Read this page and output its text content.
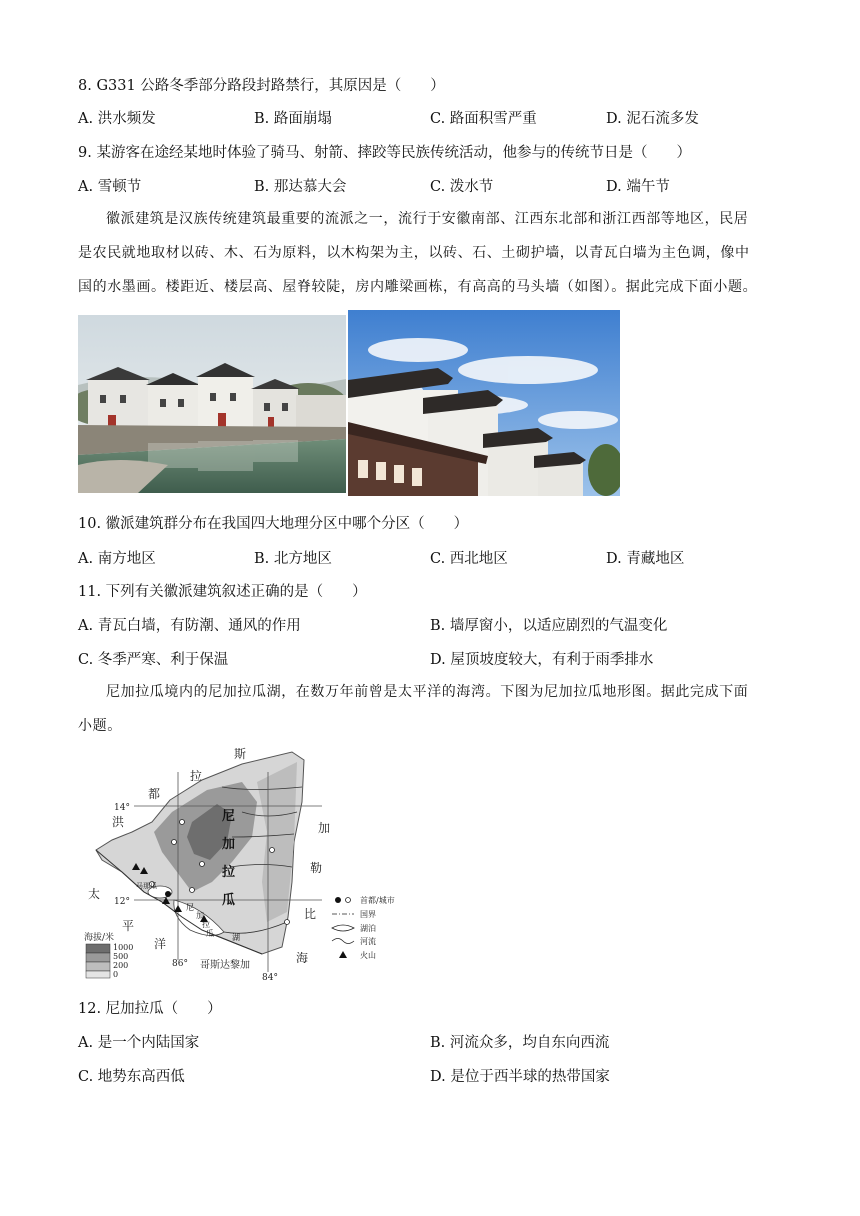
8. G331 公路冬季部分路段封路禁行，其原因是（　　）
A. 洪水频发	B. 路面崩塌	C. 路面积雪严重	D. 泥石流多发
9. 某游客在途经某地时体验了骑马、射箭、摔跤等民族传统活动，他参与的传统节日是（　　）
A. 雪顿节	B. 那达慕大会	C. 泼水节	D. 端午节

徽派建筑是汉族传统建筑最重要的流派之一，流行于安徽南部、江西东北部和浙江西部等地区，民居

是农民就地取材以砖、木、石为原料，以木构架为主，以砖、石、土砌护墙，以青瓦白墙为主色调，像中

国的水墨画。楼距近、楼层高、屋脊较陡，房内雕梁画栋，有高高的马头墙（如图）。据此完成下面小题。

10. 徽派建筑群分布在我国四大地理分区中哪个分区（　　）
A. 南方地区	B. 北方地区	C. 西北地区	D. 青藏地区
11. 下列有关徽派建筑叙述正确的是（　　）
A. 青瓦白墙，有防潮、通风的作用	B. 墙厚窗小，以适应剧烈的气温变化
C. 冬季严寒、利于保温	D. 屋顶坡度较大，有利于雨季排水

尼加拉瓜境内的尼加拉瓜湖，在数万年前曾是太平洋的海湾。下图为尼加拉瓜地形图。据此完成下面

小题。

斯
拉
都
洪	加
勒
比
海
太
平
洋
哥斯达黎加
尼
加
拉
瓜
尼
加
拉
瓜 湖
马那瓜
14°
12°
86°
84°
海拔/米
1000
500
200
0
首都/城市
国界
湖泊
河流
火山
12. 尼加拉瓜（　　）
A. 是一个内陆国家	B. 河流众多，均自东向西流
C. 地势东高西低	D. 是位于西半球的热带国家
